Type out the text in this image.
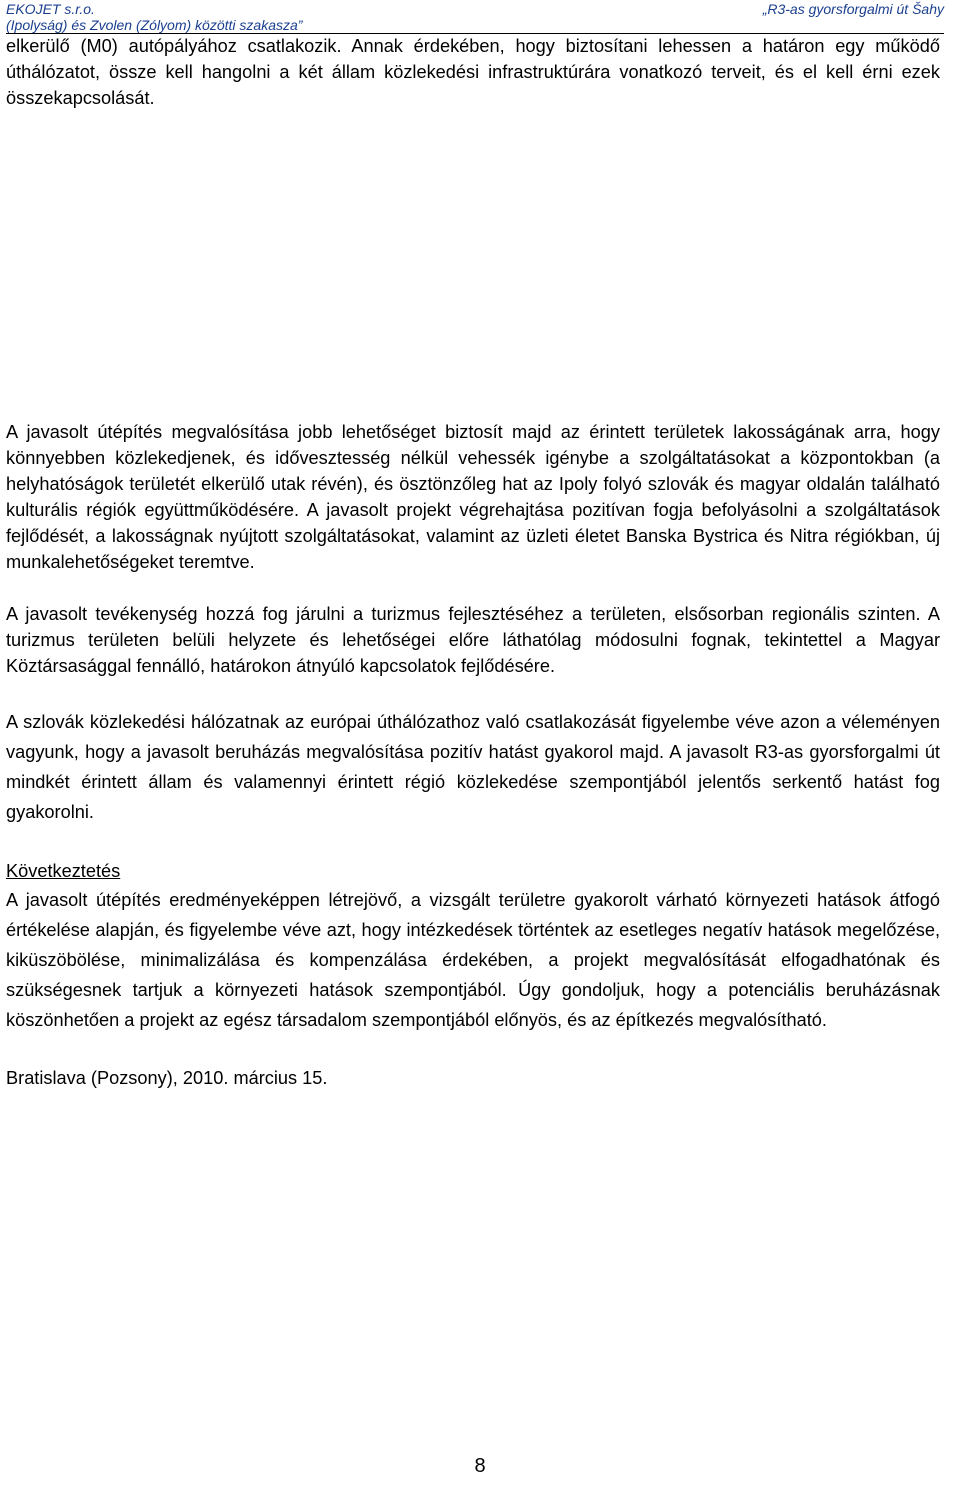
EKOJET s.r.o.
(Ipolyság) és Zvolen (Zólyom) közötti szakasza”
„R3-as gyorsforgalmi út Šahy

elkerülő (M0) autópályához csatlakozik. Annak érdekében, hogy biztosítani lehessen a határon egy működő úthálózatot, össze kell hangolni a két állam közlekedési infrastruktúrára vonatkozó terveit, és el kell érni ezek összekapcsolását.

A javasolt útépítés megvalósítása jobb lehetőséget biztosít majd az érintett területek lakosságának arra, hogy könnyebben közlekedjenek, és idővesztesség nélkül vehessék igénybe a szolgáltatásokat a központokban (a helyhatóságok területét elkerülő utak révén), és ösztönzőleg hat az Ipoly folyó szlovák és magyar oldalán található kulturális régiók együttműködésére. A javasolt projekt végrehajtása pozitívan fogja befolyásolni a szolgáltatások fejlődését, a lakosságnak nyújtott szolgáltatásokat, valamint az üzleti életet Banska Bystrica és Nitra régiókban, új munkalehetőségeket teremtve.

A javasolt tevékenység hozzá fog járulni a turizmus fejlesztéséhez a területen, elsősorban regionális szinten. A turizmus területen belüli helyzete és lehetőségei előre láthatólag módosulni fognak, tekintettel a Magyar Köztársasággal fennálló, határokon átnyúló kapcsolatok fejlődésére.

A szlovák közlekedési hálózatnak az európai úthálózathoz való csatlakozását figyelembe véve azon a véleményen vagyunk, hogy a javasolt beruházás megvalósítása pozitív hatást gyakorol majd. A javasolt R3-as gyorsforgalmi út mindkét érintett állam és valamennyi érintett régió közlekedése szempontjából jelentős serkentő hatást fog gyakorolni.

Következtetés

A javasolt útépítés eredményeképpen létrejövő, a vizsgált területre gyakorolt várható környezeti hatások átfogó értékelése alapján, és figyelembe véve azt, hogy intézkedések történtek az esetleges negatív hatások megelőzése, kiküszöbölése, minimalizálása és kompenzálása érdekében, a projekt megvalósítását elfogadhatónak és szükségesnek tartjuk a környezeti hatások szempontjából. Úgy gondoljuk, hogy a potenciális beruházásnak köszönhetően a projekt az egész társadalom szempontjából előnyös, és az építkezés megvalósítható.

Bratislava (Pozsony), 2010. március 15.

8
